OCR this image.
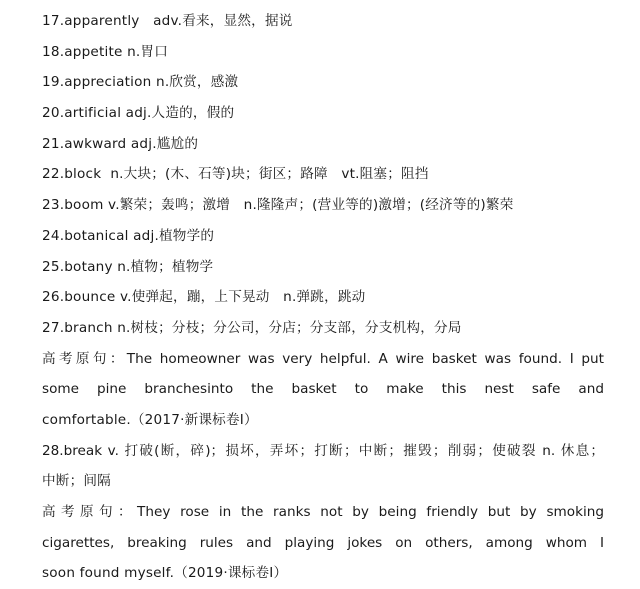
17.apparently   adv.看来，显然，据说
18.appetite n.胃口
19.appreciation n.欣赏，感激
20.artificial adj.人造的，假的
21.awkward adj.尴尬的
22.block  n.大块；(木、石等)块；街区；路障   vt.阻塞；阻挡
23.boom v.繁荣；轰鸣；激增   n.隆隆声；(营业等的)激增；(经济等的)繁荣
24.botanical adj.植物学的
25.botany n.植物；植物学
26.bounce v.使弹起，蹦，上下晃动   n.弹跳，跳动
27.branch n.树枝；分枝；分公司，分店；分支部，分支机构，分局
高考原句：The homeowner was very helpful. A wire basket was found. I put
some pine branchesinto the basket to make this nest safe and
comfortable.（2017·新课标卷Ⅰ）
28.break v. 打破(断，碎)；损坏，弄坏；打断；中断；摧毁；削弱；使破裂 n. 休息；
中断；间隔
高考原句：They rose in the ranks not by being friendly but by smoking
cigarettes, breaking rules and playing jokes on others, among whom I
soon found myself.（2019·课标卷Ⅰ）
